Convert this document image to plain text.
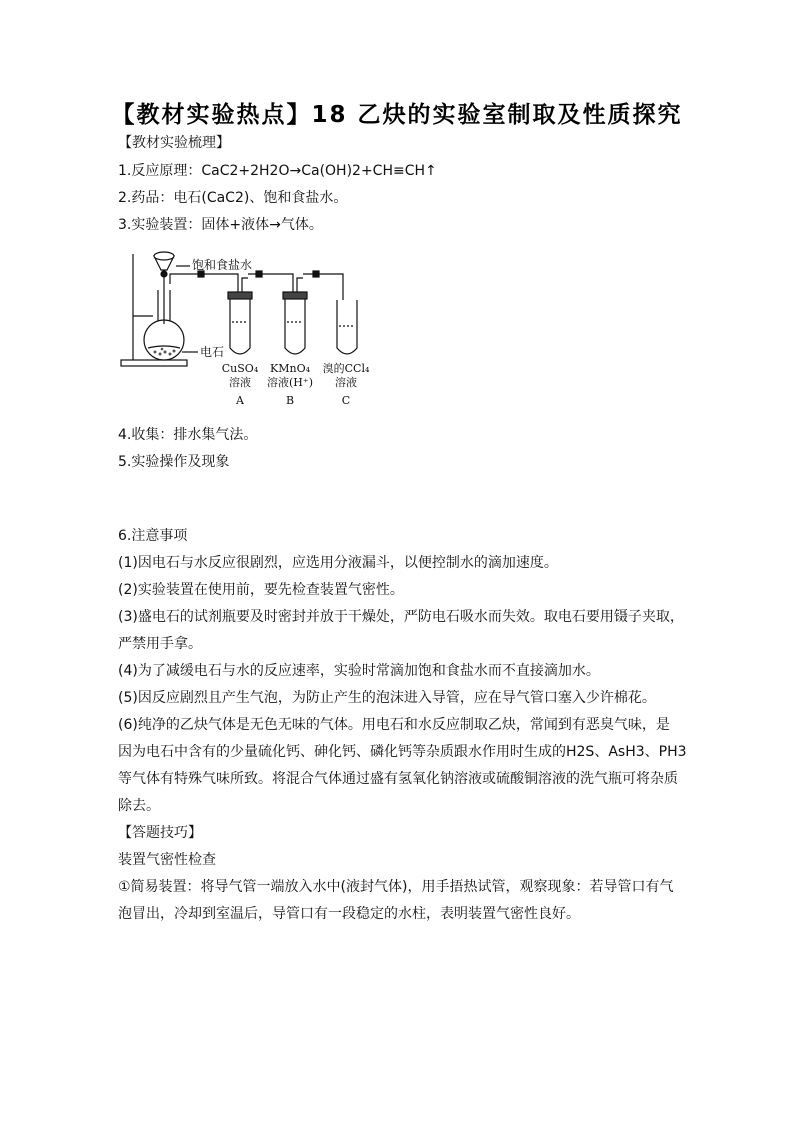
【教材实验热点】18 乙炔的实验室制取及性质探究
【教材实验梳理】
1.反应原理：CaC2+2H2O→Ca(OH)2+CH≡CH↑
2.药品：电石(CaC2)、饱和食盐水。
3.实验装置：固体+液体→气体。
饱和食盐水
电石
CuSO₄
溶液
A
KMnO₄
溶液(H⁺)
B
溴的CCl₄
溶液
C
4.收集：排水集气法。
5.实验操作及现象
6.注意事项
(1)因电石与水反应很剧烈，应选用分液漏斗，以便控制水的滴加速度。
(2)实验装置在使用前，要先检查装置气密性。
(3)盛电石的试剂瓶要及时密封并放于干燥处，严防电石吸水而失效。取电石要用镊子夹取，
严禁用手拿。
(4)为了减缓电石与水的反应速率，实验时常滴加饱和食盐水而不直接滴加水。
(5)因反应剧烈且产生气泡，为防止产生的泡沫进入导管，应在导气管口塞入少许棉花。
(6)纯净的乙炔气体是无色无味的气体。用电石和水反应制取乙炔，常闻到有恶臭气味，是
因为电石中含有的少量硫化钙、砷化钙、磷化钙等杂质跟水作用时生成的H2S、AsH3、PH3
等气体有特殊气味所致。将混合气体通过盛有氢氧化钠溶液或硫酸铜溶液的洗气瓶可将杂质
除去。
【答题技巧】
装置气密性检查
①简易装置：将导气管一端放入水中(液封气体)，用手捂热试管，观察现象：若导管口有气
泡冒出，冷却到室温后，导管口有一段稳定的水柱，表明装置气密性良好。
